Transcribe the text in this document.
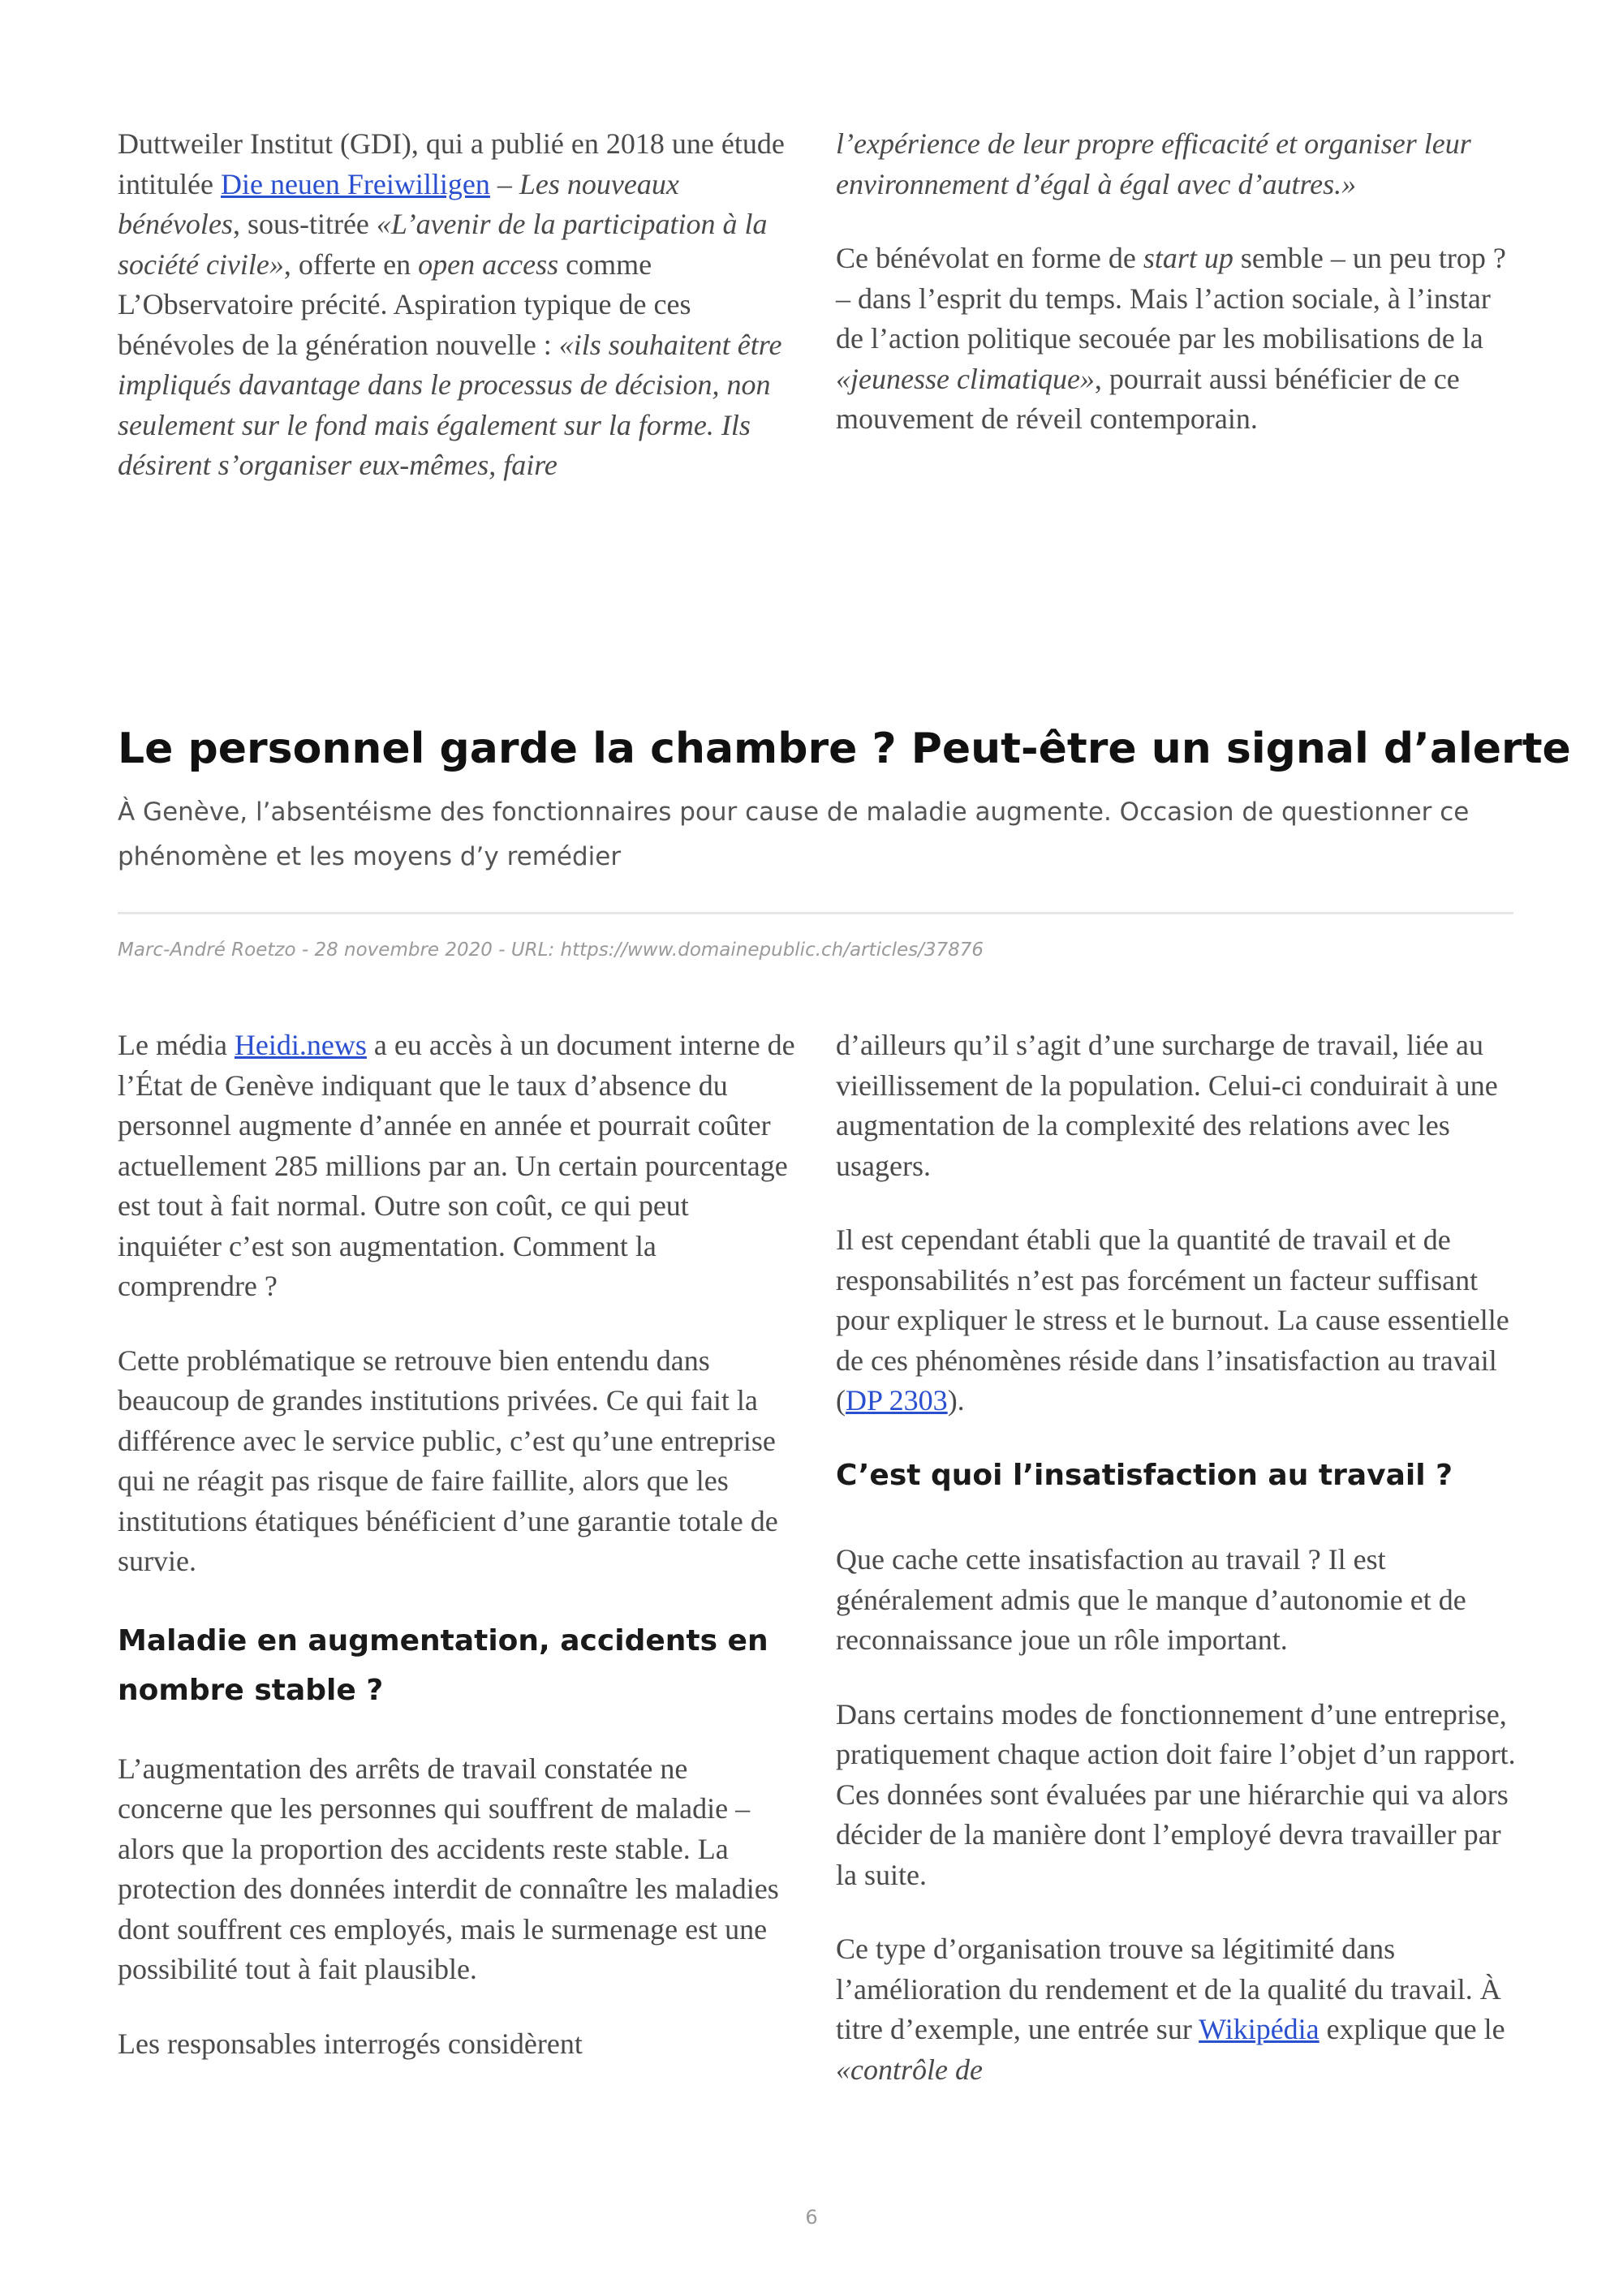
Duttweiler Institut (GDI), qui a publié en 2018 une étude intitulée Die neuen Freiwilligen – Les nouveaux bénévoles, sous-titrée «L’avenir de la participation à la société civile», offerte en open access comme L’Observatoire précité. Aspiration typique de ces bénévoles de la génération nouvelle : «ils souhaitent être impliqués davantage dans le processus de décision, non seulement sur le fond mais également sur la forme. Ils désirent s’organiser eux-mêmes, faire

l’expérience de leur propre efficacité et organiser leur environnement d’égal à égal avec d’autres.»

Ce bénévolat en forme de start up semble – un peu trop ? – dans l’esprit du temps. Mais l’action sociale, à l’instar de l’action politique secouée par les mobilisations de la «jeunesse climatique», pourrait aussi bénéficier de ce mouvement de réveil contemporain.

Le personnel garde la chambre ? Peut-être un signal d’alerte

À Genève, l’absentéisme des fonctionnaires pour cause de maladie augmente. Occasion de questionner ce phénomène et les moyens d’y remédier

Marc-André Roetzo - 28 novembre 2020 - URL: https://www.domainepublic.ch/articles/37876

Le média Heidi.news a eu accès à un document interne de l’État de Genève indiquant que le taux d’absence du personnel augmente d’année en année et pourrait coûter actuellement 285 millions par an. Un certain pourcentage est tout à fait normal. Outre son coût, ce qui peut inquiéter c’est son augmentation. Comment la comprendre ?

Cette problématique se retrouve bien entendu dans beaucoup de grandes institutions privées. Ce qui fait la différence avec le service public, c’est qu’une entreprise qui ne réagit pas risque de faire faillite, alors que les institutions étatiques bénéficient d’une garantie totale de survie.

Maladie en augmentation, accidents en nombre stable ?

L’augmentation des arrêts de travail constatée ne concerne que les personnes qui souffrent de maladie – alors que la proportion des accidents reste stable. La protection des données interdit de connaître les maladies dont souffrent ces employés, mais le surmenage est une possibilité tout à fait plausible.

Les responsables interrogés considèrent

d’ailleurs qu’il s’agit d’une surcharge de travail, liée au vieillissement de la population. Celui-ci conduirait à une augmentation de la complexité des relations avec les usagers.

Il est cependant établi que la quantité de travail et de responsabilités n’est pas forcément un facteur suffisant pour expliquer le stress et le burnout. La cause essentielle de ces phénomènes réside dans l’insatisfaction au travail (DP 2303).

C’est quoi l’insatisfaction au travail ?

Que cache cette insatisfaction au travail ? Il est généralement admis que le manque d’autonomie et de reconnaissance joue un rôle important.

Dans certains modes de fonctionnement d’une entreprise, pratiquement chaque action doit faire l’objet d’un rapport. Ces données sont évaluées par une hiérarchie qui va alors décider de la manière dont l’employé devra travailler par la suite.

Ce type d’organisation trouve sa légitimité dans l’amélioration du rendement et de la qualité du travail. À titre d’exemple, une entrée sur Wikipédia explique que le «contrôle de

6
